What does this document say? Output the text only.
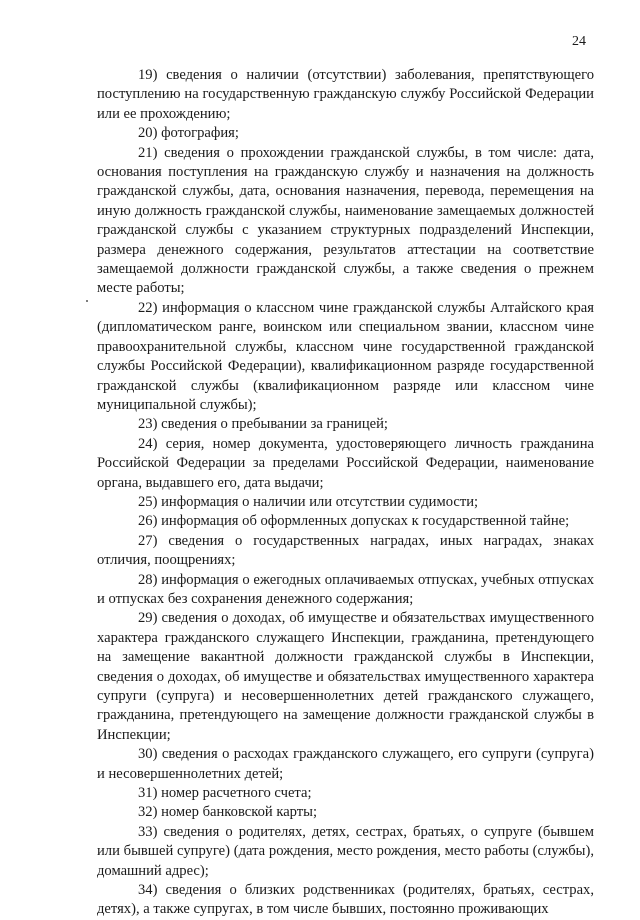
24

19) сведения о наличии (отсутствии) заболевания, препятствующего поступлению на государственную гражданскую службу Российской Федерации или ее прохождению;

20) фотография;

21) сведения о прохождении гражданской службы, в том числе: дата, основания поступления на гражданскую службу и назначения на должность гражданской службы, дата, основания назначения, перевода, перемещения на иную должность гражданской службы, наименование замещаемых должностей гражданской службы с указанием структурных подразделений Инспекции, размера денежного содержания, результатов аттестации на соответствие замещаемой должности гражданской службы, а также сведения о прежнем месте работы;

22) информация о классном чине гражданской службы Алтайского края (дипломатическом ранге, воинском или специальном звании, классном чине правоохранительной службы, классном чине государственной гражданской службы Российской Федерации), квалификационном разряде государственной гражданской службы (квалификационном разряде или классном чине муниципальной службы);

23) сведения о пребывании за границей;

24) серия, номер документа, удостоверяющего личность гражданина Российской Федерации за пределами Российской Федерации, наименование органа, выдавшего его, дата выдачи;

25) информация о наличии или отсутствии судимости;

26) информация об оформленных допусках к государственной тайне;

27) сведения о государственных наградах, иных наградах, знаках отличия, поощрениях;

28) информация о ежегодных оплачиваемых отпусках, учебных отпусках и отпусках без сохранения денежного содержания;

29) сведения о доходах, об имуществе и обязательствах имущественного характера гражданского служащего Инспекции, гражданина, претендующего на замещение вакантной должности гражданской службы в Инспекции, сведения о доходах, об имуществе и обязательствах имущественного характера супруги (супруга) и несовершеннолетних детей гражданского служащего, гражданина, претендующего на замещение должности гражданской службы в Инспекции;

30) сведения о расходах гражданского служащего, его супруги (супруга) и несовершеннолетних детей;

31) номер расчетного счета;

32) номер банковской карты;

33) сведения о родителях, детях, сестрах, братьях, о супруге (бывшем или бывшей супруге) (дата рождения, место рождения, место работы (службы), домашний адрес);

34) сведения о близких родственниках (родителях, братьях, сестрах, детях), а также супругах, в том числе бывших, постоянно проживающих
